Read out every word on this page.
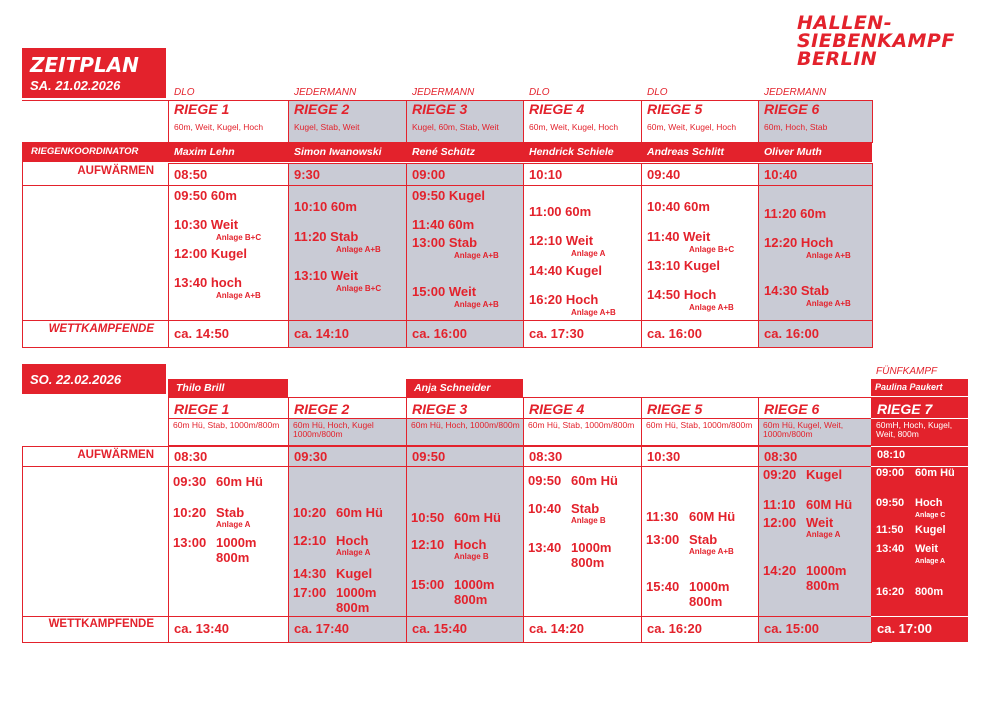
HALLEN-
SIEBENKAMPF
BERLIN
ZEITPLAN
SA. 21.02.2026
RIEGENKOORDINATOR
AUFWÄRMEN
WETTKAMPFENDE
DLO
RIEGE 1
60m, Weit, Kugel, Hoch
Maxim Lehn
08:50
ca. 14:50
JEDERMANN
RIEGE 2
Kugel, Stab, Weit
Simon Iwanowski
9:30
ca. 14:10
JEDERMANN
RIEGE 3
Kugel, 60m, Stab, Weit
René Schütz
09:00
ca. 16:00
DLO
RIEGE 4
60m, Weit, Kugel, Hoch
Hendrick Schiele
10:10
ca. 17:30
DLO
RIEGE 5
60m, Weit, Kugel, Hoch
Andreas Schlitt
09:40
ca. 16:00
JEDERMANN
RIEGE 6
60m, Hoch, Stab
Oliver Muth
10:40
ca. 16:00
09:50 60m
10:30 Weit
Anlage B+C
12:00 Kugel
13:40 hoch
Anlage A+B
10:10 60m
11:20 Stab
Anlage A+B
13:10 Weit
Anlage B+C
09:50 Kugel
11:40 60m
13:00 Stab
Anlage A+B
15:00 Weit
Anlage A+B
11:00 60m
12:10 Weit
Anlage A
14:40 Kugel
16:20 Hoch
Anlage A+B
10:40 60m
11:40 Weit
Anlage B+C
13:10 Kugel
14:50 Hoch
Anlage A+B
11:20 60m
12:20 Hoch
Anlage A+B
14:30 Stab
Anlage A+B
SO. 22.02.2026
Thilo Brill	Anja Schneider
FÜNFKAMPF
Paulina Paukert
AUFWÄRMEN
WETTKAMPFENDE
RIEGE 1
60m Hü, Stab, 1000m/800m
08:30
ca. 13:40
RIEGE 2
60m Hü, Hoch, Kugel 1000m/800m
09:30
ca. 17:40
RIEGE 3
60m Hü, Hoch, 1000m/800m
09:50
ca. 15:40
RIEGE 4
60m Hü, Stab, 1000m/800m
08:30
ca. 14:20
RIEGE 5
60m Hü, Stab, 1000m/800m
10:30
ca. 16:20
RIEGE 6
60m Hü, Kugel, Weit, 1000m/800m
08:30
ca. 15:00
RIEGE 7
60mH, Hoch, Kugel, Weit, 800m
08:10
ca. 17:00
09:30 60m Hü
10:20 Stab
Anlage A
13:00 1000m
800m
10:20 60m Hü
12:10 Hoch
Anlage A
14:30 Kugel
17:00 1000m
800m
10:50 60m Hü
12:10 Hoch
Anlage B
15:00 1000m
800m
09:50 60m Hü
10:40 Stab
Anlage B
13:40 1000m
800m
11:30 60M Hü
13:00 Stab
Anlage A+B
15:40 1000m
800m
09:20 Kugel
11:10 60M Hü
12:00 Weit
Anlage A
14:20 1000m
800m
09:00 60m Hü
09:50 Hoch
Anlage C
11:50 Kugel
13:40 Weit
Anlage A
16:20 800m
